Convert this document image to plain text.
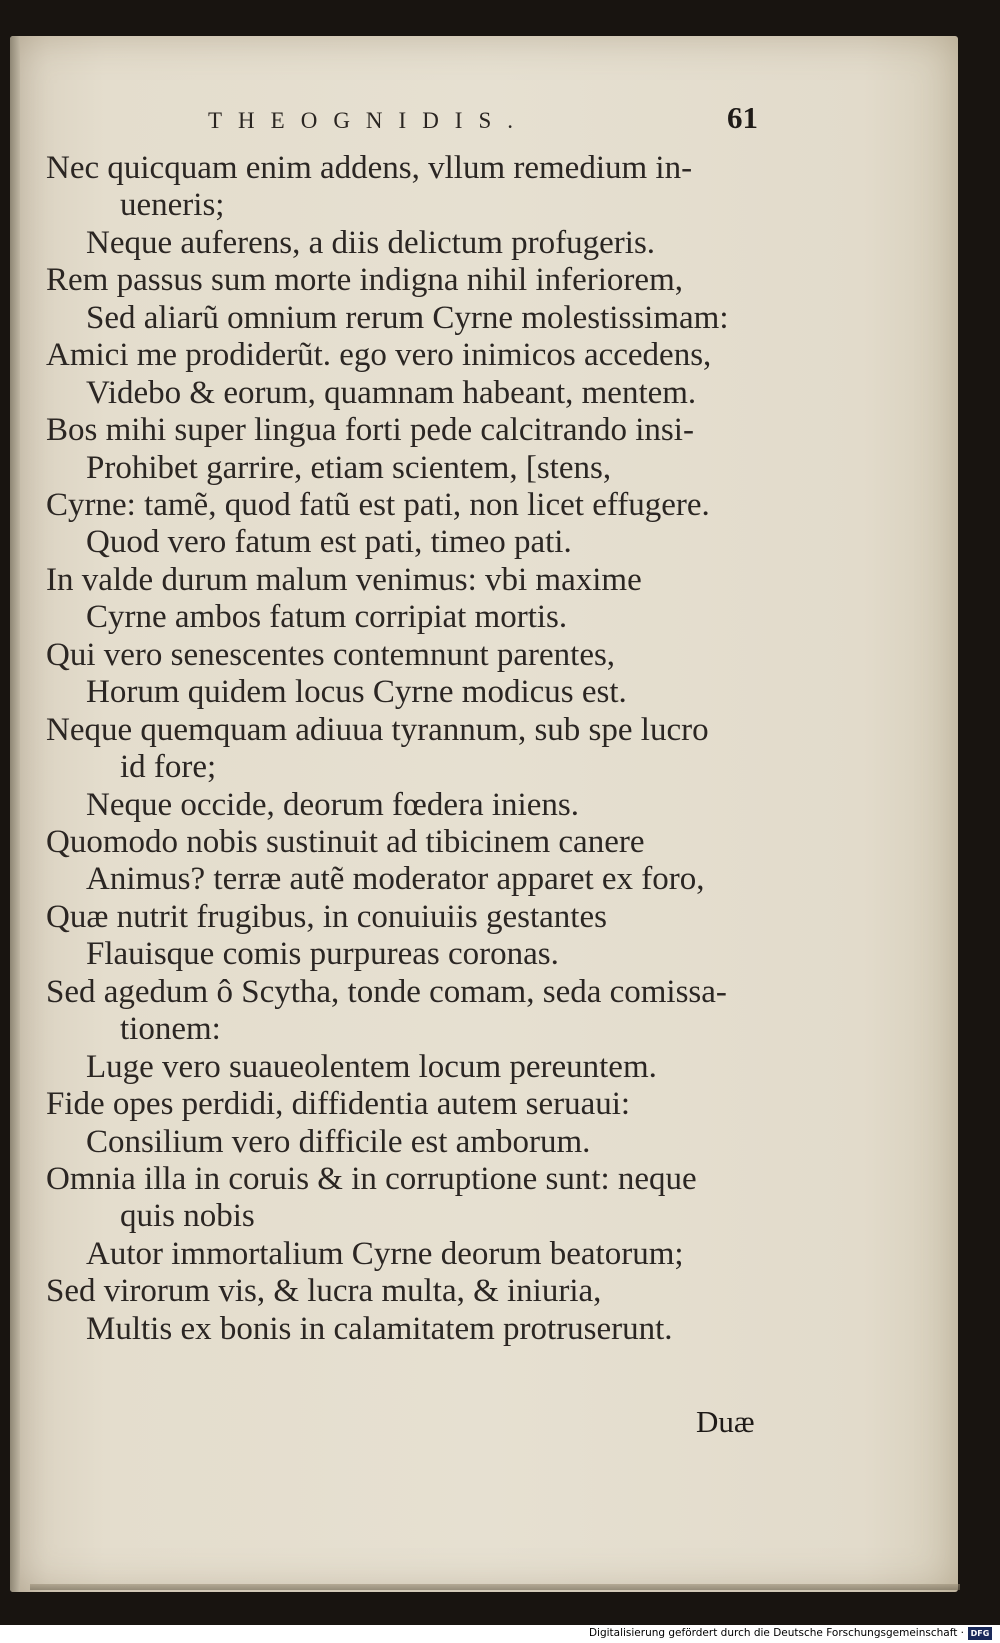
THEOGNIDIS.	61
Nec quicquam enim addens, vllum remedium in-
ueneris;
Neque auferens, a diis delictum profugeris.
Rem passus sum morte indigna nihil inferiorem,
Sed aliarũ omnium rerum Cyrne molestissimam:
Amici me prodiderũt. ego vero inimicos accedens,
Videbo & eorum, quamnam habeant, mentem.
Bos mihi super lingua forti pede calcitrando insi-
Prohibet garrire, etiam scientem, [stens,
Cyrne: tamẽ, quod fatũ est pati, non licet effugere.
Quod vero fatum est pati, timeo pati.
In valde durum malum venimus: vbi maxime
Cyrne ambos fatum corripiat mortis.
Qui vero senescentes contemnunt parentes,
Horum quidem locus Cyrne modicus est.
Neque quemquam adiuua tyrannum, sub spe lucro
id fore;
Neque occide, deorum fœdera iniens.
Quomodo nobis sustinuit ad tibicinem canere
Animus? terræ autẽ moderator apparet ex foro,
Quæ nutrit frugibus, in conuiuiis gestantes
Flauisque comis purpureas coronas.
Sed agedum ô Scytha, tonde comam, seda comissa-
tionem:
Luge vero suaueolentem locum pereuntem.
Fide opes perdidi, diffidentia autem seruaui:
Consilium vero difficile est amborum.
Omnia illa in coruis & in corruptione sunt: neque
quis nobis
Autor immortalium Cyrne deorum beatorum;
Sed virorum vis, & lucra multa, & iniuria,
Multis ex bonis in calamitatem protruserunt.
Duæ
Digitalisierung gefördert durch die Deutsche Forschungsgemeinschaft · DFG
